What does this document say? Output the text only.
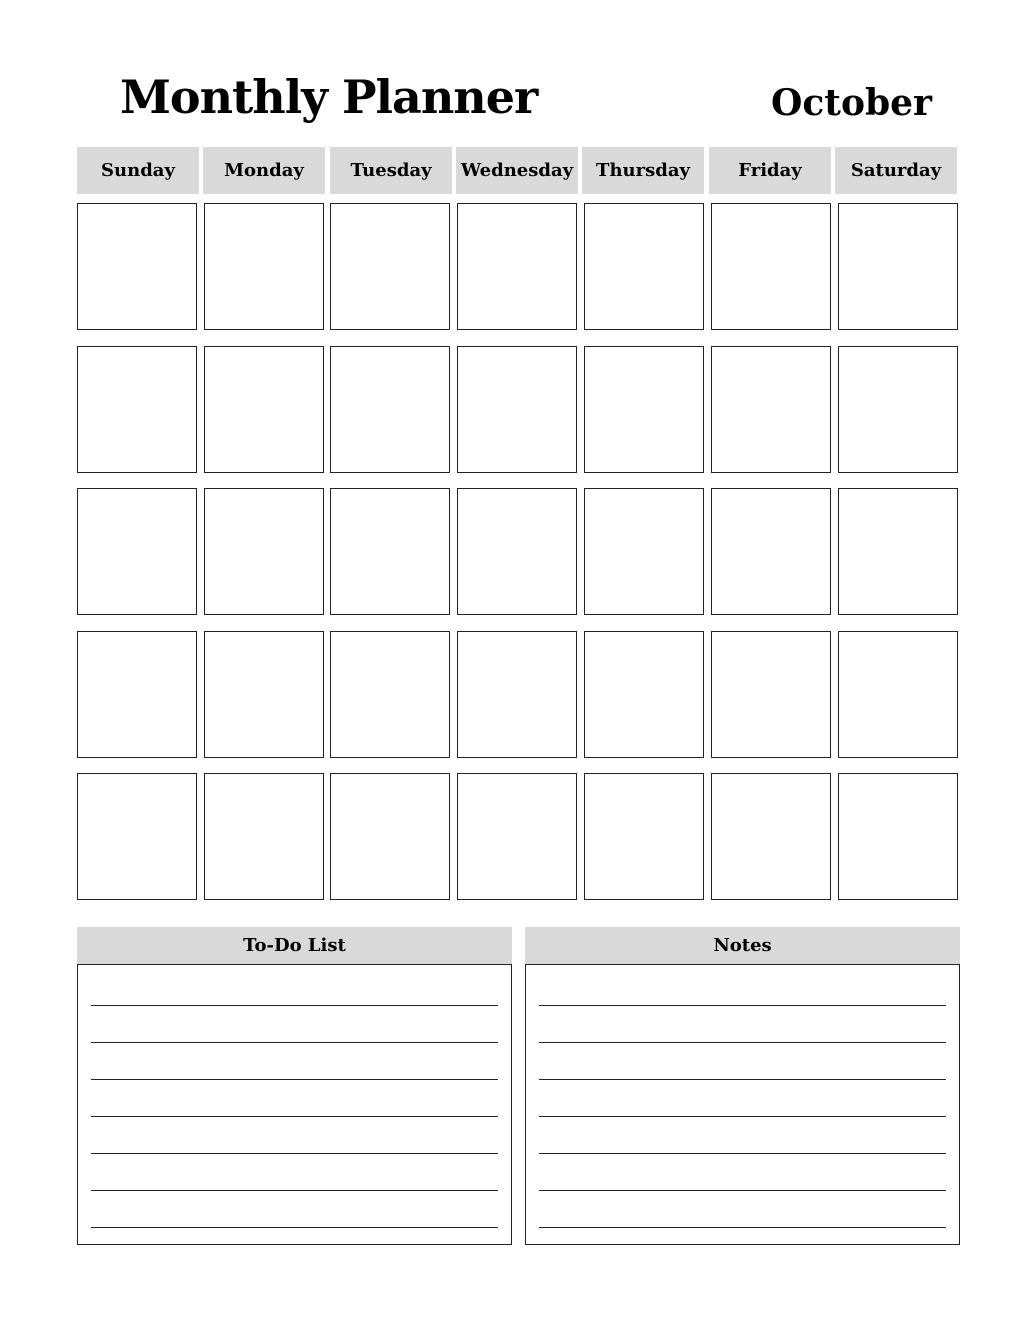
Monthly Planner	October
Sunday	Monday	Tuesday	Wednesday	Thursday	Friday	Saturday
To-Do List	Notes
